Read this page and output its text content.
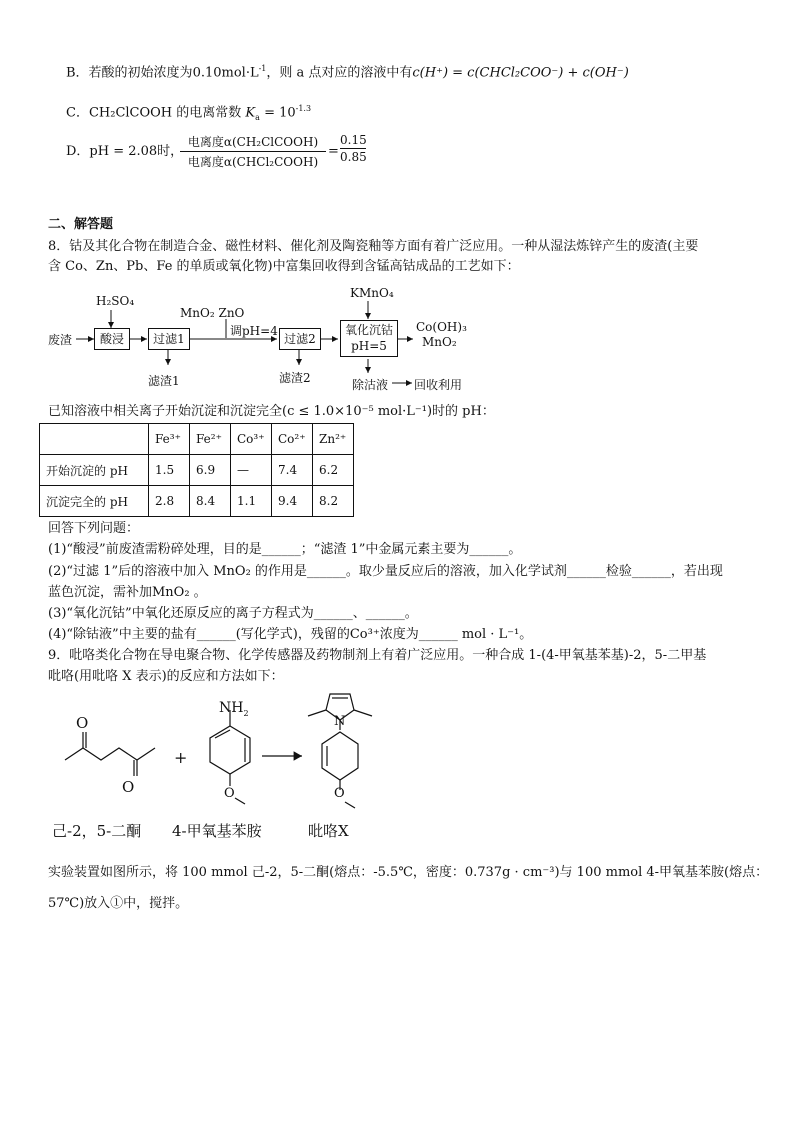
B．若酸的初始浓度为$0.10mol\cdot L^{-1}$，则 a 点对应的溶液中有c(H⁺) = c(CHCl₂COO⁻) + c(OH⁻)
C．CH₂ClCOOH 的电离常数 $K_a = 10^{-1.3}$
D．pH = 2.08时，
电离度α(CH₂ClCOOH)
电离度α(CHCl₂COOH)
=
0.15
0.85
二、解答题
8．钴及其化合物在制造合金、磁性材料、催化剂及陶瓷釉等方面有着广泛应用。一种从湿法炼锌产生的废渣(主要
含 Co、Zn、Pb、Fe 的单质或氧化物)中富集回收得到含锰高钴成品的工艺如下：
废渣
H₂SO₄
酸浸	过滤1
MnO₂ ZnO
调pH=4
过滤2
KMnO₄
氧化沉钴
pH=5
Co(OH)₃
MnO₂
滤渣1	滤渣2	除沽液 回收利用
已知溶液中相关离子开始沉淀和沉淀完全(c ≤ 1.0×10⁻⁵ mol·L⁻¹)时的 pH：
	Fe³⁺	Fe²⁺	Co³⁺	Co²⁺	Zn²⁺
开始沉淀的 pH	1.5	6.9	—	7.4	6.2
沉淀完全的 pH	2.8	8.4	1.1	9.4	8.2
回答下列问题：
(1)“酸浸”前废渣需粉碎处理，目的是______；“滤渣 1”中金属元素主要为______。
(2)“过滤 1”后的溶液中加入 MnO₂ 的作用是______。取少量反应后的溶液，加入化学试剂______检验______，若出现
蓝色沉淀，需补加MnO₂ 。
(3)“氧化沉钴”中氧化还原反应的离子方程式为______、______。
(4)“除钴液”中主要的盐有______(写化学式)，残留的Co³⁺浓度为______ mol · L⁻¹。
9．吡咯类化合物在导电聚合物、化学传感器及药物制剂上有着广泛应用。一种合成 1-(4-甲氧基苯基)-2，5-二甲基
吡咯(用吡咯 X 表示)的反应和方法如下：
O
O
+
$NH_2$
O
N
O
己-2，5-二酮 4-甲氧基苯胺	吡咯X
实验装置如图所示，将 100 mmol 己-2，5-二酮(熔点：-5.5℃，密度：0.737g · cm⁻³)与 100 mmol 4-甲氧基苯胺(熔点：
57℃)放入①中，搅拌。
